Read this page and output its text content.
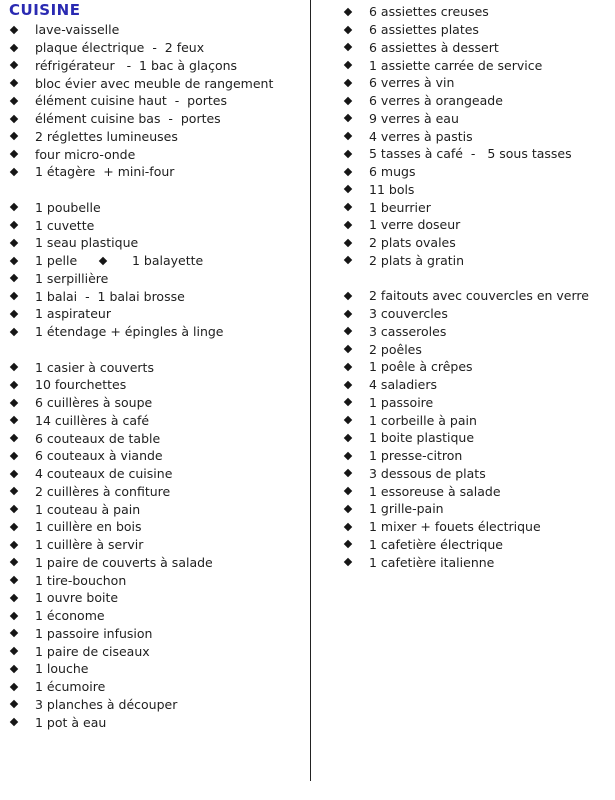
CUISINE
lave-vaisselle
plaque électrique  -  2 feux
réfrigérateur   -  1 bac à glaçons
bloc évier avec meuble de rangement
élément cuisine haut  -  portes
élément cuisine bas  -  portes
2 réglettes lumineuses
four micro-onde
1 étagère  + mini-four
1 poubelle
1 cuvette
1 seau plastique
1 pelle	1 balayette
1 serpillière
1 balai  -  1 balai brosse
1 aspirateur
1 étendage + épingles à linge
1 casier à couverts
10 fourchettes
6 cuillères à soupe
14 cuillères à café
6 couteaux de table
6 couteaux à viande
4 couteaux de cuisine
2 cuillères à confiture
1 couteau à pain
1 cuillère en bois
1 cuillère à servir
1 paire de couverts à salade
1 tire-bouchon
1 ouvre boite
1 économe
1 passoire infusion
1 paire de ciseaux
1 louche
1 écumoire
3 planches à découper
1 pot à eau
6 assiettes creuses
6 assiettes plates
6 assiettes à dessert
1 assiette carrée de service
6 verres à vin
6 verres à orangeade
9 verres à eau
4 verres à pastis
5 tasses à café  -   5 sous tasses
6 mugs
11 bols
1 beurrier
1 verre doseur
2 plats ovales
2 plats à gratin
2 faitouts avec couvercles en verre
3 couvercles
3 casseroles
2 poêles
1 poêle à crêpes
4 saladiers
1 passoire
1 corbeille à pain
1 boite plastique
1 presse-citron
3 dessous de plats
1 essoreuse à salade
1 grille-pain
1 mixer + fouets électrique
1 cafetière électrique
1 cafetière italienne
